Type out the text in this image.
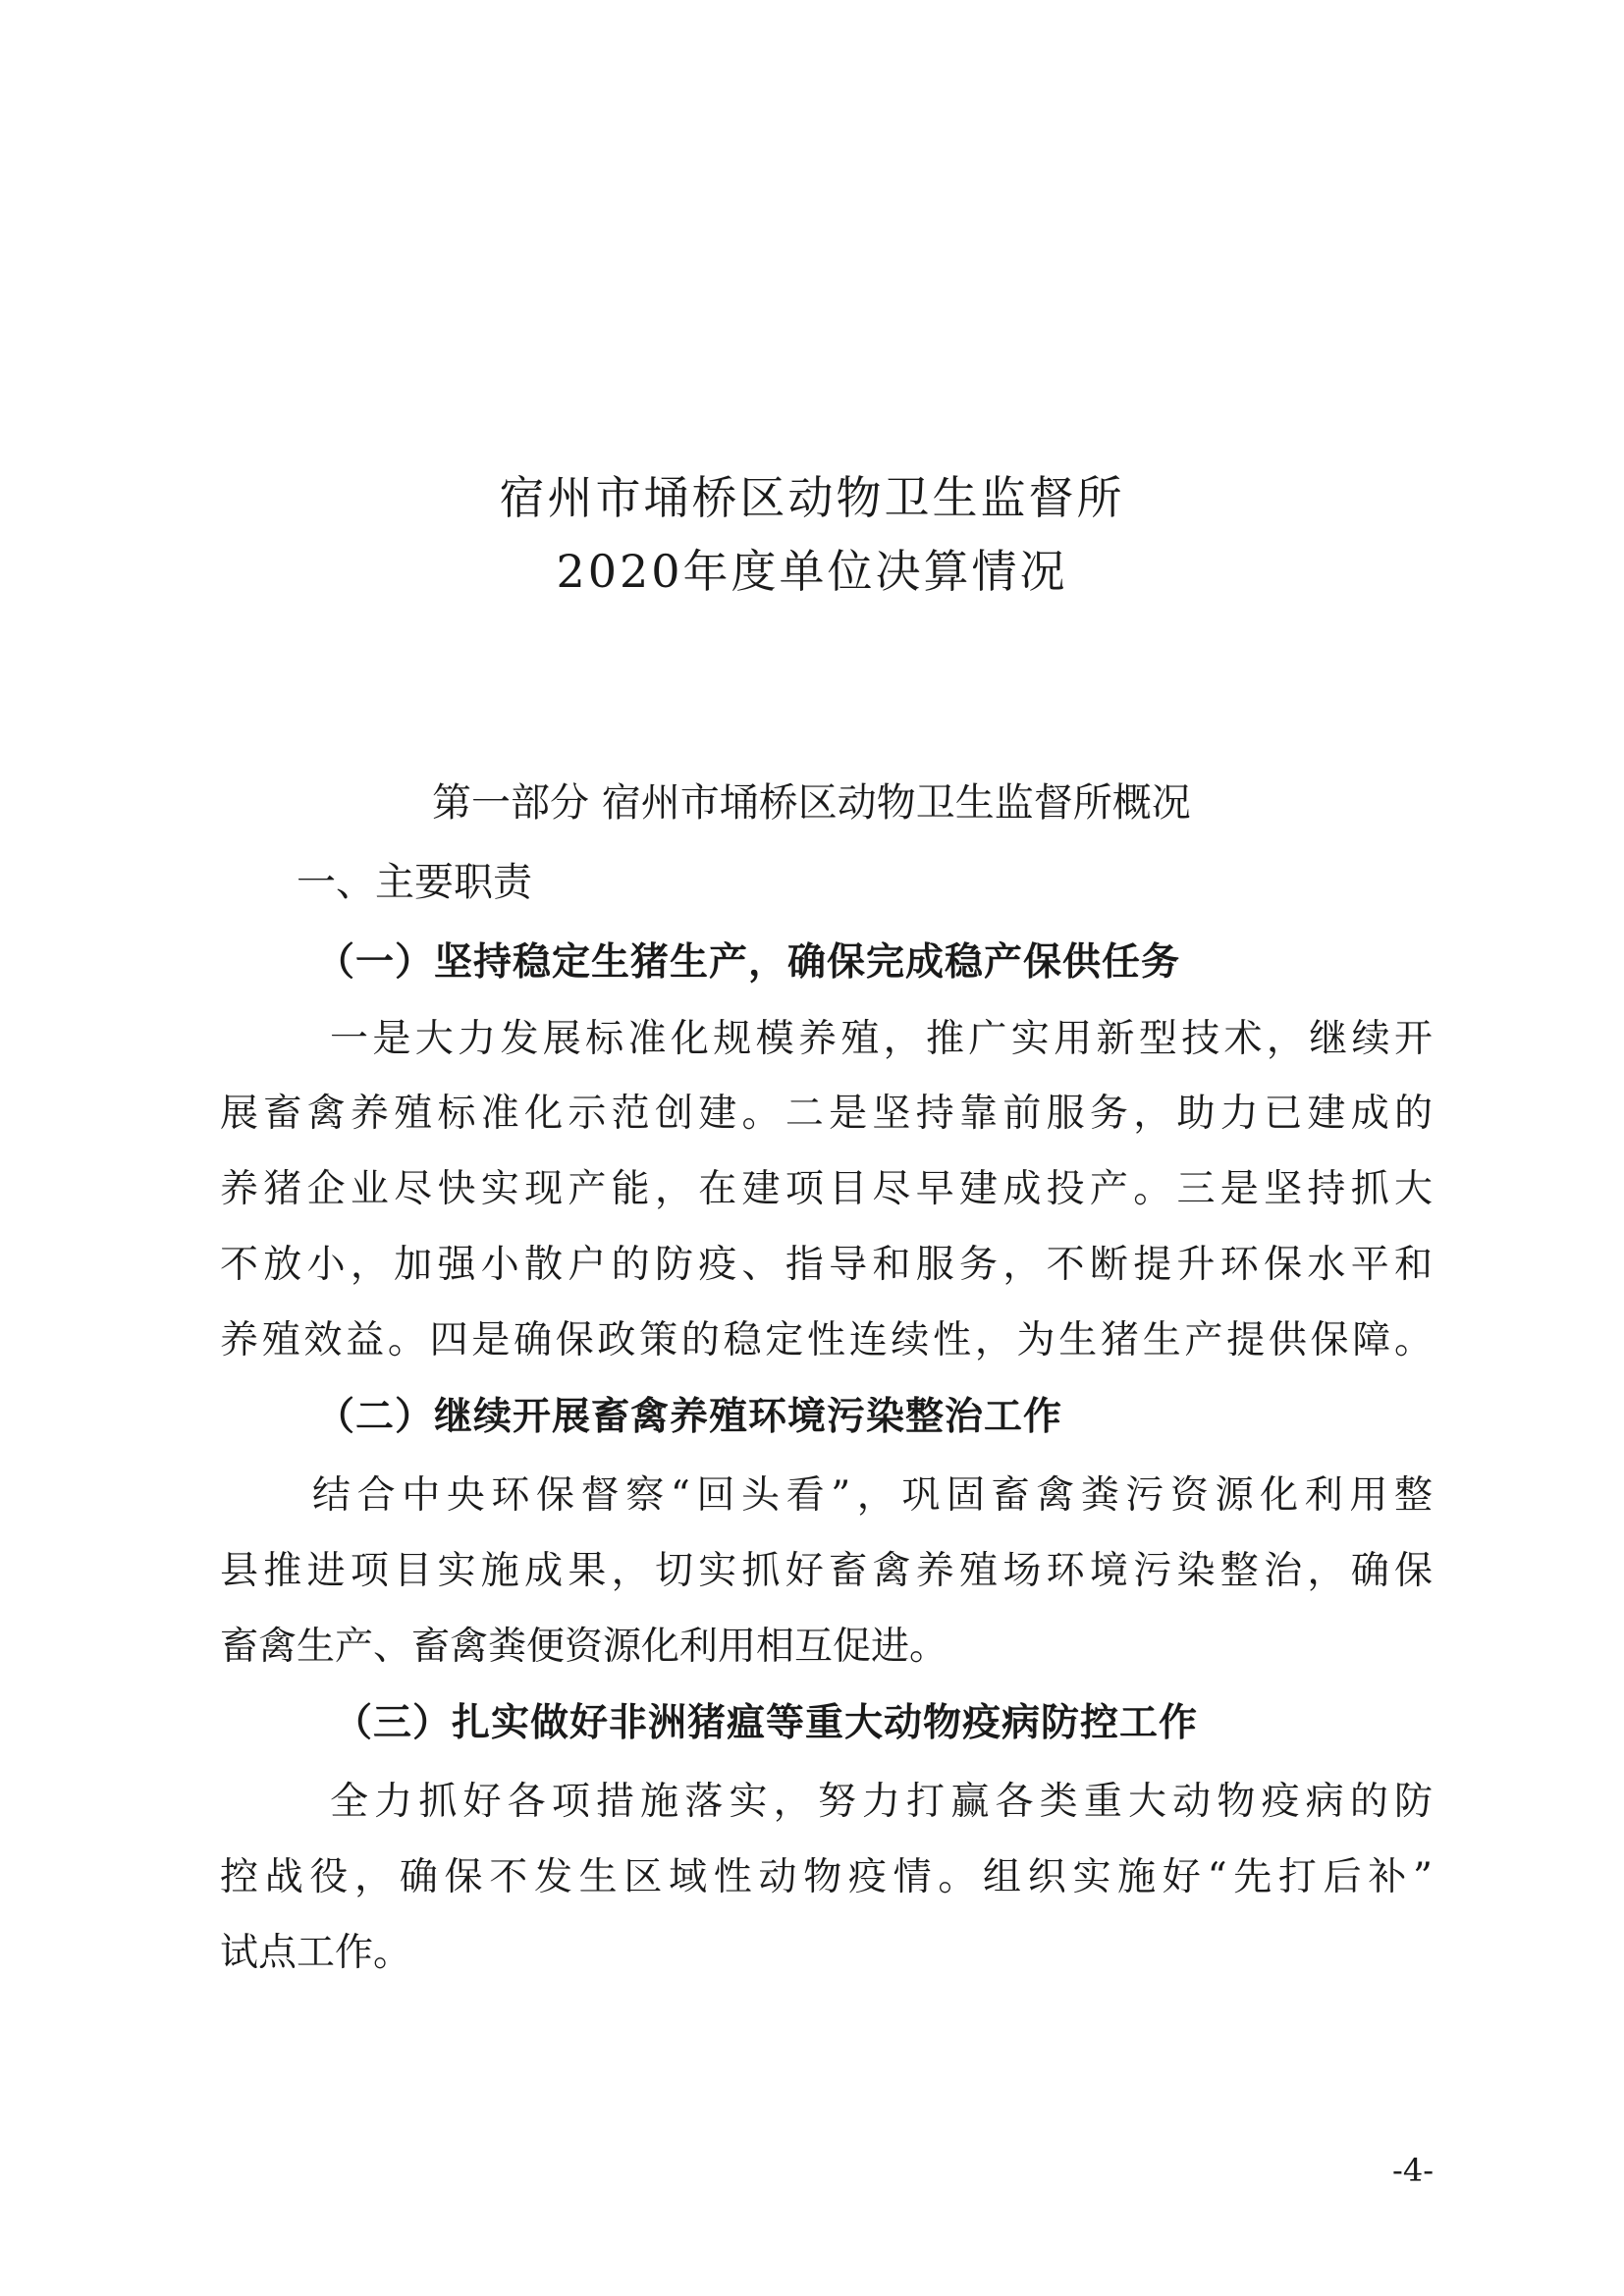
宿州市埇桥区动物卫生监督所
2020年度单位决算情况
第一部分 宿州市埇桥区动物卫生监督所概况
一、主要职责
（一）坚持稳定生猪生产，确保完成稳产保供任务
一是大力发展标准化规模养殖，推广实用新型技术，继续开
展畜禽养殖标准化示范创建。二是坚持靠前服务，助力已建成的
养猪企业尽快实现产能，在建项目尽早建成投产。三是坚持抓大
不放小，加强小散户的防疫、指导和服务，不断提升环保水平和
养殖效益。四是确保政策的稳定性连续性，为生猪生产提供保障。
（二）继续开展畜禽养殖环境污染整治工作
结合中央环保督察“回头看”，巩固畜禽粪污资源化利用整
县推进项目实施成果，切实抓好畜禽养殖场环境污染整治，确保
畜禽生产、畜禽粪便资源化利用相互促进。
（三）扎实做好非洲猪瘟等重大动物疫病防控工作
全力抓好各项措施落实，努力打赢各类重大动物疫病的防
控战役，确保不发生区域性动物疫情。组织实施好“先打后补”
试点工作。
-4-
